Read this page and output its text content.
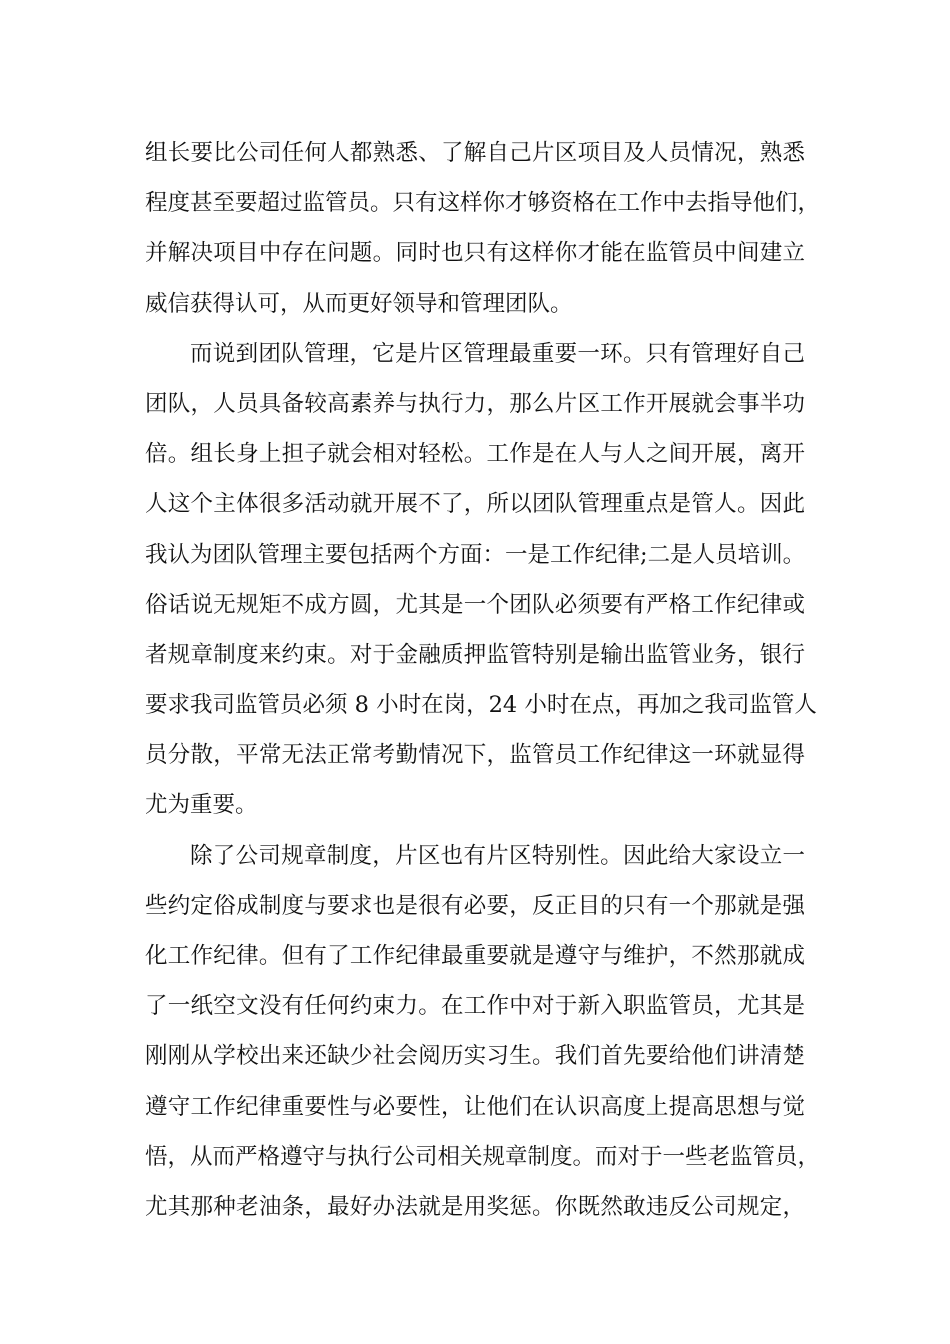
组长要比公司任何人都熟悉、了解自己片区项目及人员情况，熟悉
程度甚至要超过监管员。只有这样你才够资格在工作中去指导他们，
并解决项目中存在问题。同时也只有这样你才能在监管员中间建立
威信获得认可，从而更好领导和管理团队。
而说到团队管理，它是片区管理最重要一环。只有管理好自己
团队，人员具备较高素养与执行力，那么片区工作开展就会事半功
倍。组长身上担子就会相对轻松。工作是在人与人之间开展，离开
人这个主体很多活动就开展不了，所以团队管理重点是管人。因此
我认为团队管理主要包括两个方面：一是工作纪律;二是人员培训。
俗话说无规矩不成方圆，尤其是一个团队必须要有严格工作纪律或
者规章制度来约束。对于金融质押监管特别是输出监管业务，银行
要求我司监管员必须 8 小时在岗，24 小时在点，再加之我司监管人
员分散，平常无法正常考勤情况下，监管员工作纪律这一环就显得
尤为重要。
除了公司规章制度，片区也有片区特别性。因此给大家设立一
些约定俗成制度与要求也是很有必要，反正目的只有一个那就是强
化工作纪律。但有了工作纪律最重要就是遵守与维护，不然那就成
了一纸空文没有任何约束力。在工作中对于新入职监管员，尤其是
刚刚从学校出来还缺少社会阅历实习生。我们首先要给他们讲清楚
遵守工作纪律重要性与必要性，让他们在认识高度上提高思想与觉
悟，从而严格遵守与执行公司相关规章制度。而对于一些老监管员，
尤其那种老油条，最好办法就是用奖惩。你既然敢违反公司规定，
